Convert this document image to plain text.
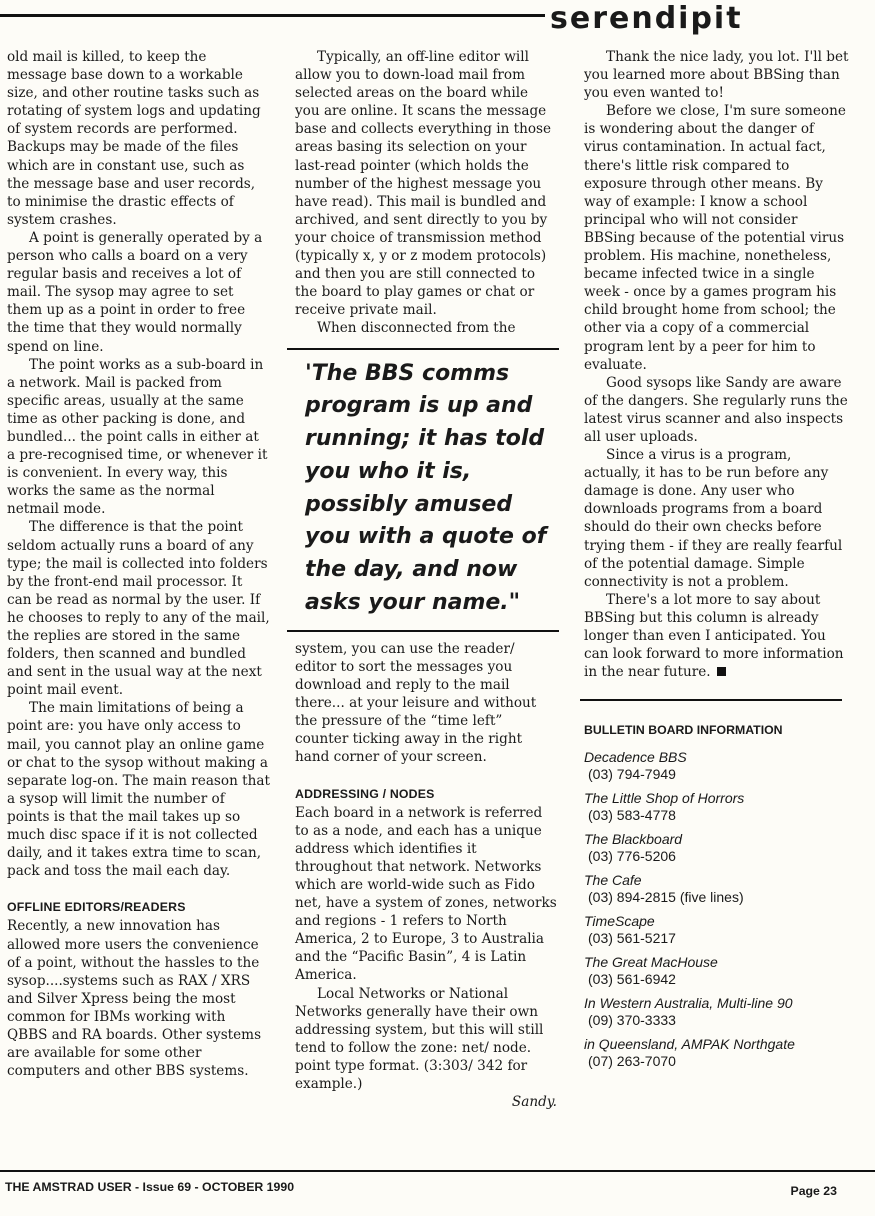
serendipit

old mail is killed, to keep the message base down to a workable size, and other routine tasks such as rotating of system logs and updating of system records are performed. Backups may be made of the files which are in constant use, such as the message base and user records, to minimise the drastic effects of system crashes.

A point is generally operated by a person who calls a board on a very regular basis and receives a lot of mail. The sysop may agree to set them up as a point in order to free the time that they would normally spend on line.

The point works as a sub-board in a network. Mail is packed from specific areas, usually at the same time as other packing is done, and bundled... the point calls in either at a pre-recognised time, or whenever it is convenient. In every way, this works the same as the normal netmail mode.

The difference is that the point seldom actually runs a board of any type; the mail is collected into folders by the front-end mail processor. It can be read as normal by the user. If he chooses to reply to any of the mail, the replies are stored in the same folders, then scanned and bundled and sent in the usual way at the next point mail event.

The main limitations of being a point are: you have only access to mail, you cannot play an online game or chat to the sysop without making a separate log-on. The main reason that a sysop will limit the number of points is that the mail takes up so much disc space if it is not collected daily, and it takes extra time to scan, pack and toss the mail each day.

OFFLINE EDITORS/READERS

Recently, a new innovation has allowed more users the convenience of a point, without the hassles to the sysop....systems such as RAX / XRS and Silver Xpress being the most common for IBMs working with QBBS and RA boards. Other systems are available for some other computers and other BBS systems.

Typically, an off-line editor will allow you to down-load mail from selected areas on the board while you are online. It scans the message base and collects everything in those areas basing its selection on your last-read pointer (which holds the number of the highest message you have read). This mail is bundled and archived, and sent directly to you by your choice of transmission method (typically x, y or z modem protocols) and then you are still connected to the board to play games or chat or receive private mail.

When disconnected from the

'The BBS comms program is up and running; it has told you who it is, possibly amused you with a quote of the day, and now asks your name."

system, you can use the reader/ editor to sort the messages you download and reply to the mail there... at your leisure and without the pressure of the “time left” counter ticking away in the right hand corner of your screen.

ADDRESSING / NODES

Each board in a network is referred to as a node, and each has a unique address which identifies it throughout that network. Networks which are world-wide such as Fido net, have a system of zones, networks and regions - 1 refers to North America, 2 to Europe, 3 to Australia and the “Pacific Basin”, 4 is Latin America.

Local Networks or National Networks generally have their own addressing system, but this will still tend to follow the zone: net/ node. point type format. (3:303/ 342 for example.)

Sandy.

Thank the nice lady, you lot. I'll bet you learned more about BBSing than you even wanted to!

Before we close, I'm sure someone is wondering about the danger of virus contamination. In actual fact, there's little risk compared to exposure through other means. By way of example: I know a school principal who will not consider BBSing because of the potential virus problem. His machine, nonetheless, became infected twice in a single week - once by a games program his child brought home from school; the other via a copy of a commercial program lent by a peer for him to evaluate.

Good sysops like Sandy are aware of the dangers. She regularly runs the latest virus scanner and also inspects all user uploads.

Since a virus is a program, actually, it has to be run before any damage is done. Any user who downloads programs from a board should do their own checks before trying them - if they are really fearful of the potential damage. Simple connectivity is not a problem.

There's a lot more to say about BBSing but this column is already longer than even I anticipated. You can look forward to more information in the near future.

BULLETIN BOARD INFORMATION
Decadence BBS
(03) 794-7949
The Little Shop of Horrors
(03) 583-4778
The Blackboard
(03) 776-5206
The Cafe
(03) 894-2815 (five lines)
TimeScape
(03) 561-5217
The Great MacHouse
(03) 561-6942
In Western Australia, Multi-line 90
(09) 370-3333
in Queensland, AMPAK Northgate
(07) 263-7070
THE AMSTRAD USER - Issue 69 - OCTOBER 1990	Page 23
